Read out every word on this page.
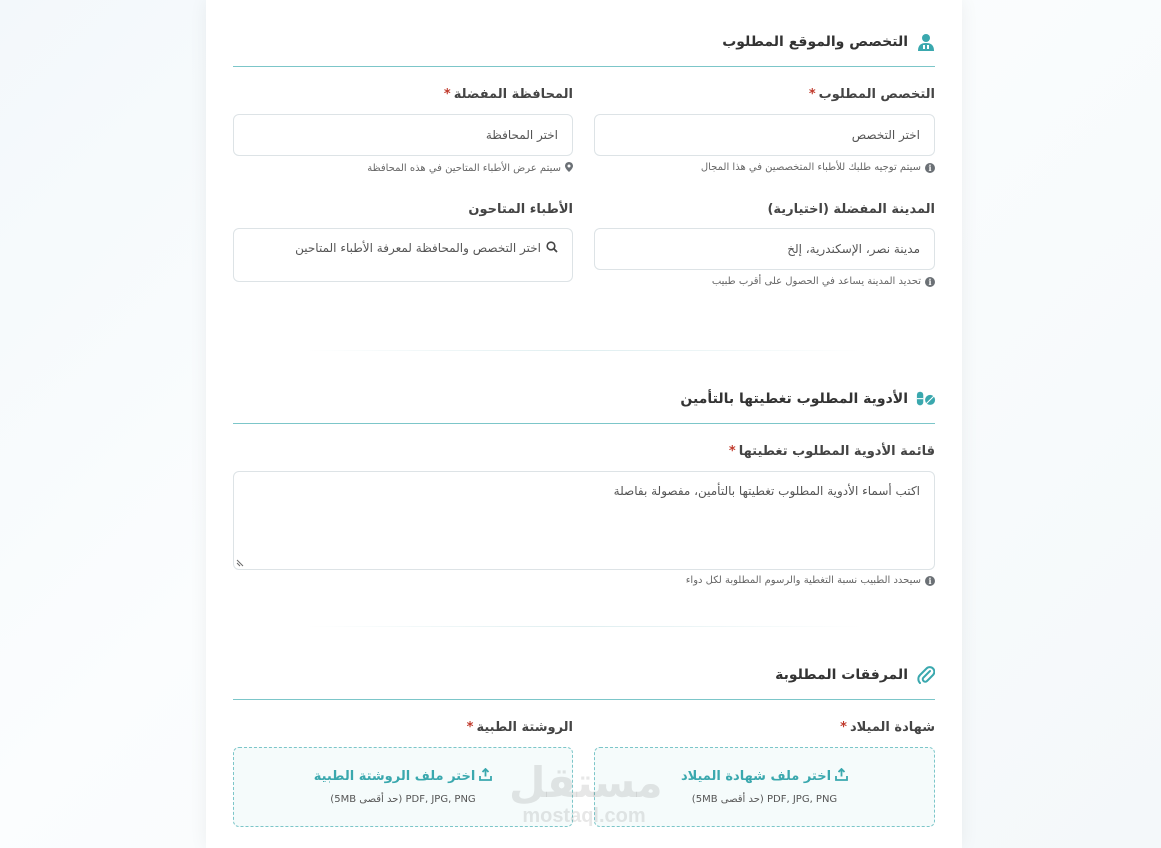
التخصص والموقع المطلوب
التخصص المطلوب*
المحافظة المفضلة*
اختر التخصص
اختر المحافظة
i
سيتم توجيه طلبك للأطباء المتخصصين في هذا المجال
سيتم عرض الأطباء المتاحين في هذه المحافظة
المدينة المفضلة (اختيارية)
الأطباء المتاحون
مدينة نصر، الإسكندرية، إلخ
اختر التخصص والمحافظة لمعرفة الأطباء المتاحين
i
تحديد المدينة يساعد في الحصول على أقرب طبيب
الأدوية المطلوب تغطيتها بالتأمين
قائمة الأدوية المطلوب تغطيتها*
اكتب أسماء الأدوية المطلوب تغطيتها بالتأمين، مفصولة بفاصلة
i
سيحدد الطبيب نسبة التغطية والرسوم المطلوبة لكل دواء
المرفقات المطلوبة
شهادة الميلاد*
الروشتة الطبية*
اختر ملف شهادة الميلاد
PDF, JPG, PNG (حد أقصى 5MB)
اختر ملف الروشتة الطبية
PDF, JPG, PNG (حد أقصى 5MB) مستقل
mostaql.com
